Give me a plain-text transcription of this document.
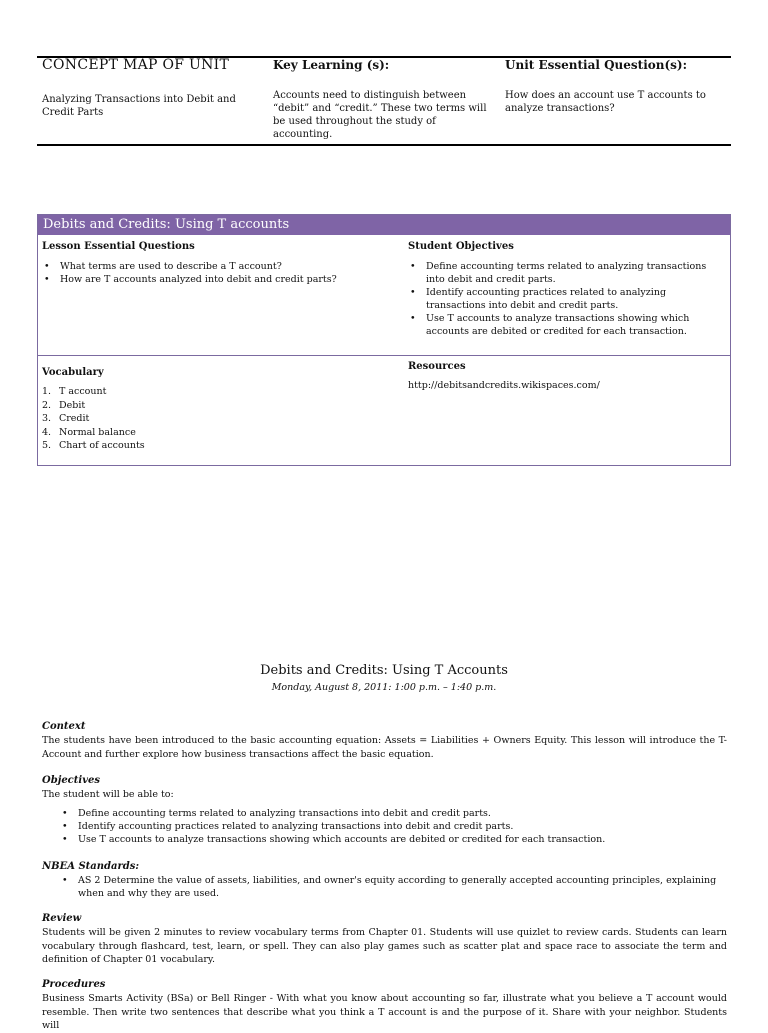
CONCEPT MAP OF UNIT
Analyzing Transactions into Debit and Credit Parts
Key Learning (s):
Accounts need to distinguish between “debit” and “credit.” These two terms will be used throughout the study of accounting.
Unit Essential Question(s):
How does an account use T accounts to analyze transactions?
Debits and Credits: Using T accounts
Lesson Essential Questions
• What terms are used to describe a T account?
• How are T accounts analyzed into debit and credit parts?
Student Objectives
• Define accounting terms related to analyzing transactions into debit and credit parts.
• Identify accounting practices related to analyzing transactions into debit and credit parts.
• Use T accounts to analyze transactions showing which accounts are debited or credited for each transaction.
Vocabulary
1. T account
2. Debit
3. Credit
4. Normal balance
5. Chart of accounts
Resources
http://debitsandcredits.wikispaces.com/
Debits and Credits: Using T Accounts
Monday, August 8, 2011: 1:00 p.m. – 1:40 p.m.
Context
The students have been introduced to the basic accounting equation: Assets = Liabilities + Owners Equity. This lesson will introduce the T-Account and further explore how business transactions affect the basic equation.
Objectives
The student will be able to:
• Define accounting terms related to analyzing transactions into debit and credit parts.
• Identify accounting practices related to analyzing transactions into debit and credit parts.
• Use T accounts to analyze transactions showing which accounts are debited or credited for each transaction.
NBEA Standards:
• AS 2 Determine the value of assets, liabilities, and owner's equity according to generally accepted accounting principles, explaining when and why they are used.
Review
Students will be given 2 minutes to review vocabulary terms from Chapter 01. Students will use quizlet to review cards. Students can learn vocabulary through flashcard, test, learn, or spell. They can also play games such as scatter plat and space race to associate the term and definition of Chapter 01 vocabulary.
Procedures
Business Smarts Activity (BSa) or Bell Ringer - With what you know about accounting so far, illustrate what you believe a T account would resemble. Then write two sentences that describe what you think a T account is and the purpose of it. Share with your neighbor. Students will
